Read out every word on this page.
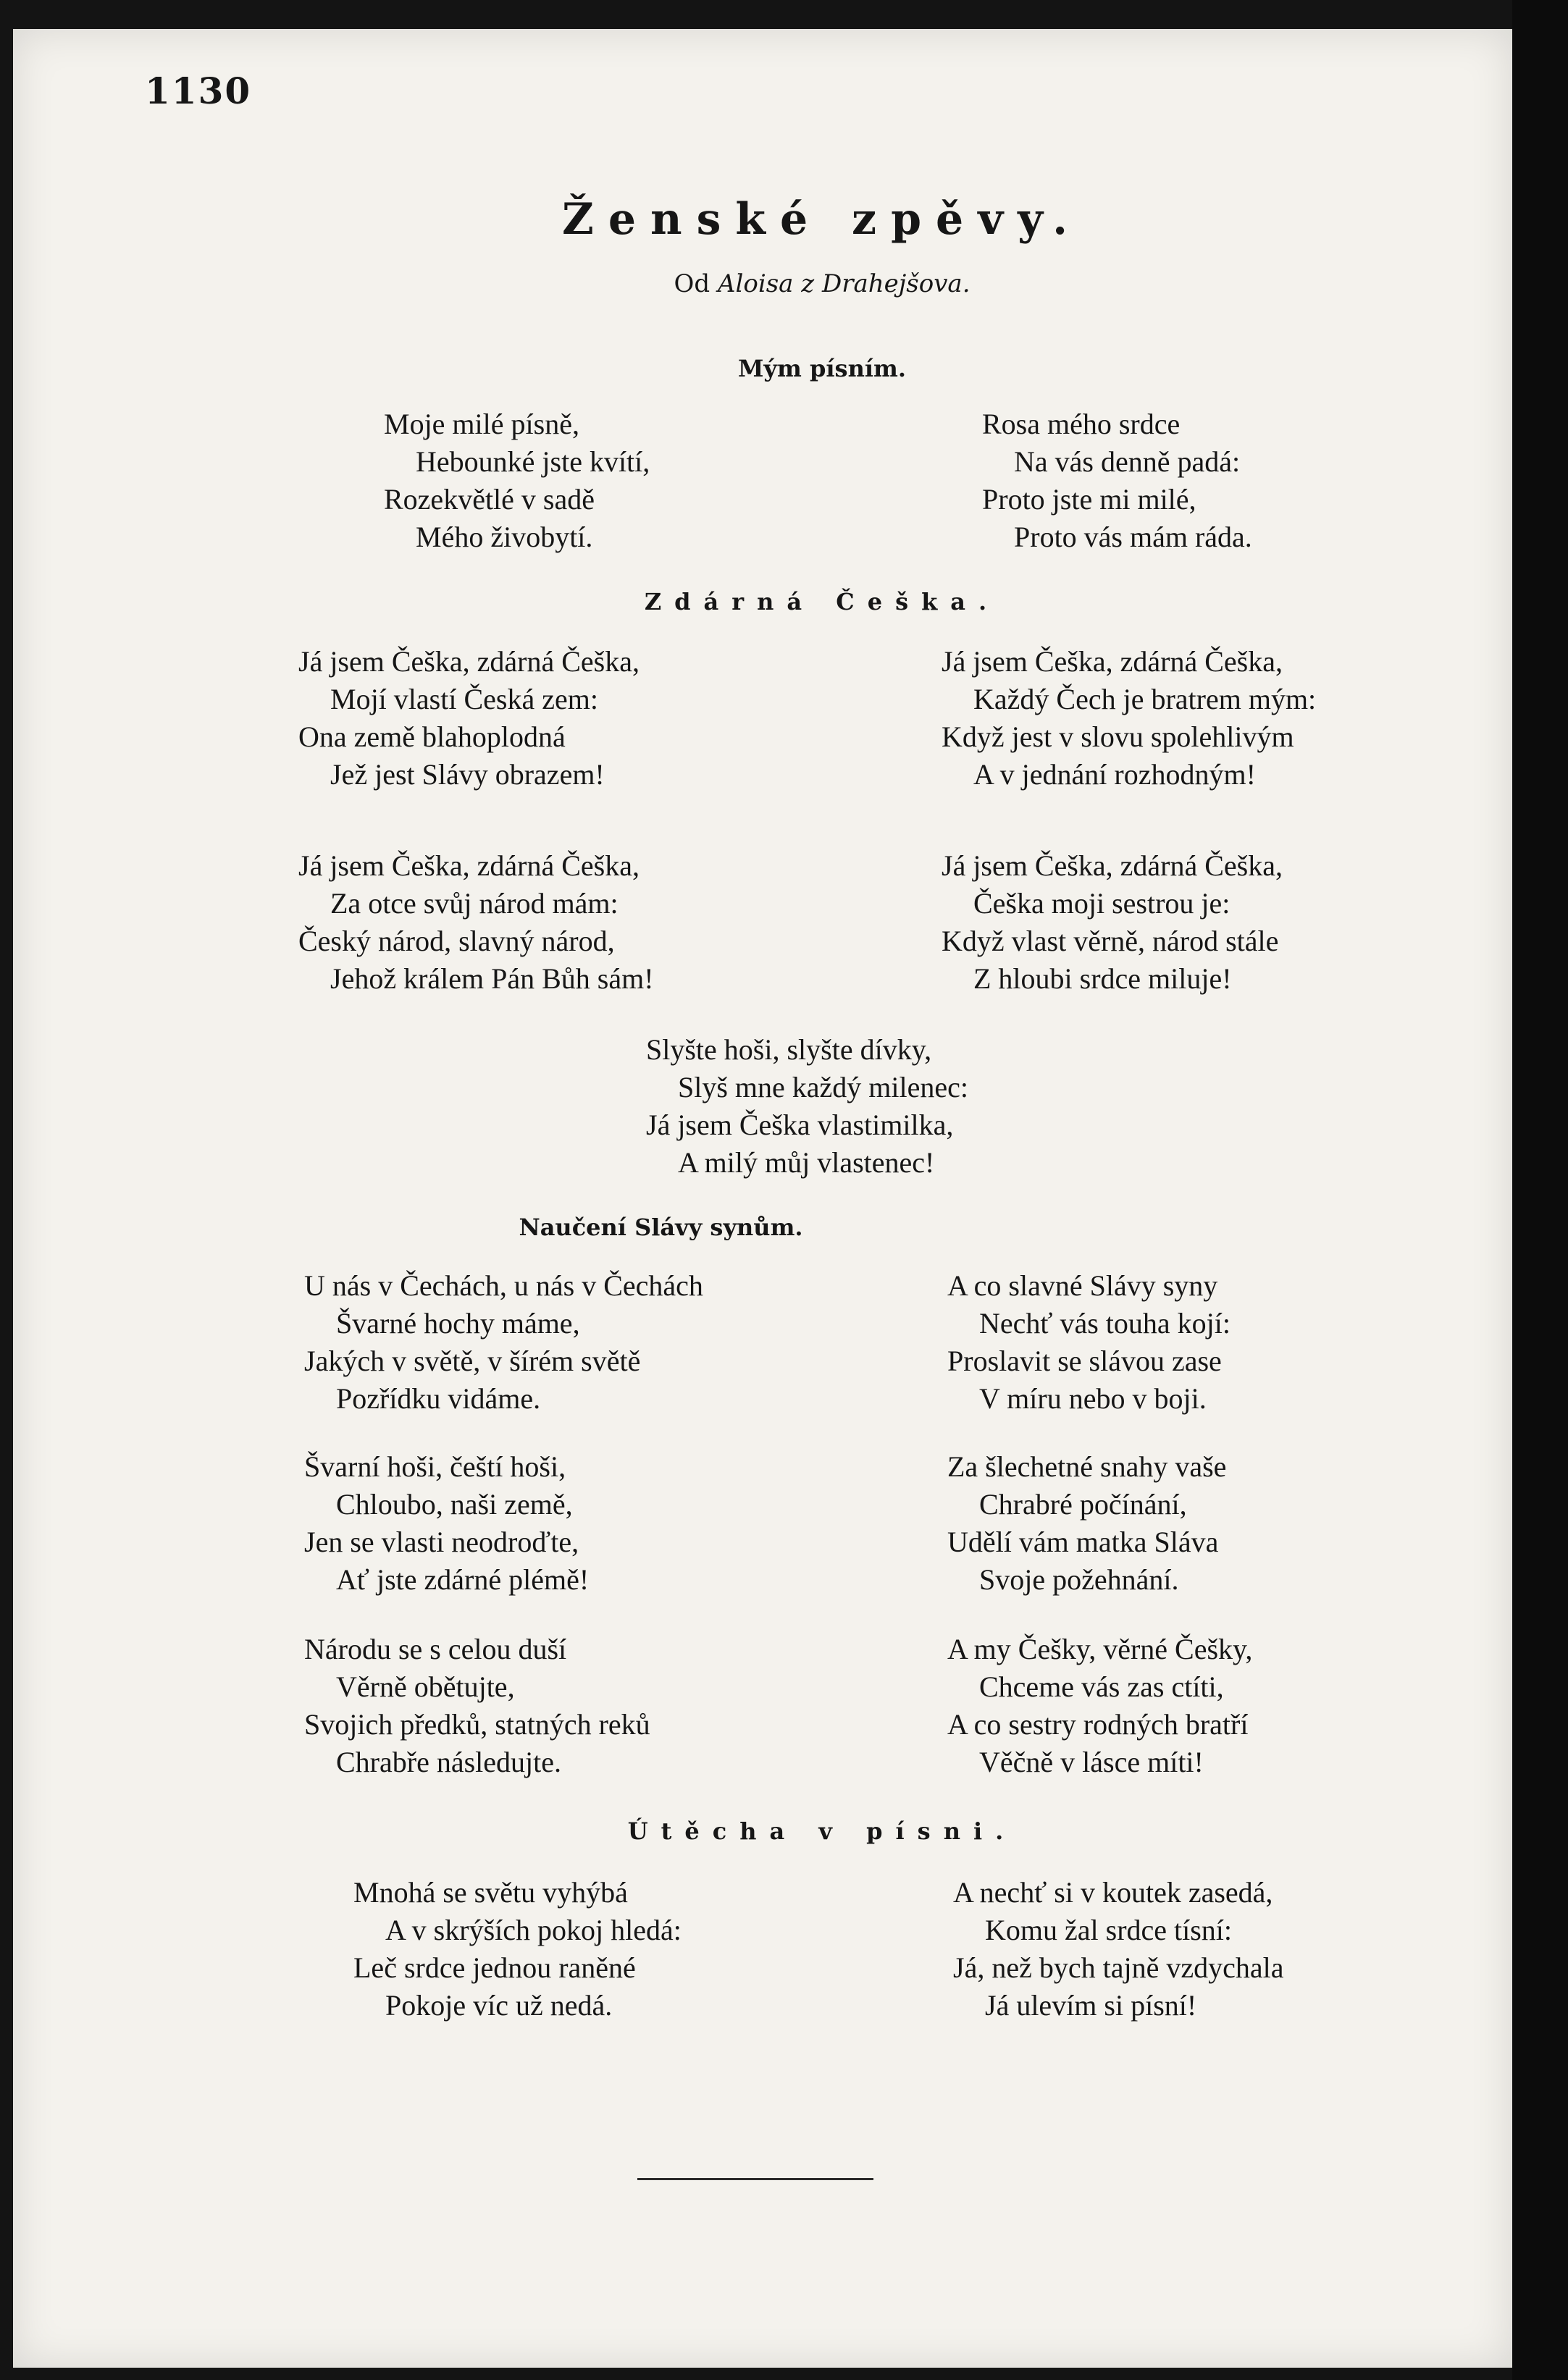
1130
Ženské zpěvy.
Od Aloisa z Drahejšova.
Mým písním.
Moje milé písně,
Hebounké jste kvítí,
Rozekvětlé v sadě
Mého živobytí.
Rosa mého srdce
Na vás denně padá:
Proto jste mi milé,
Proto vás mám ráda.
Zdárná Češka.
Já jsem Češka, zdárná Češka,
Mojí vlastí Česká zem:
Ona země blahoplodná
Jež jest Slávy obrazem!
Já jsem Češka, zdárná Češka,
Každý Čech je bratrem mým:
Když jest v slovu spolehlivým
A v jednání rozhodným!
Já jsem Češka, zdárná Češka,
Za otce svůj národ mám:
Český národ, slavný národ,
Jehož králem Pán Bůh sám!
Já jsem Češka, zdárná Češka,
Češka moji sestrou je:
Když vlast věrně, národ stále
Z hloubi srdce miluje!
Slyšte hoši, slyšte dívky,
Slyš mne každý milenec:
Já jsem Češka vlastimilka,
A milý můj vlastenec!
Naučení Slávy synům.
U nás v Čechách, u nás v Čechách
Švarné hochy máme,
Jakých v světě, v šírém světě
Pozřídku vidáme.
A co slavné Slávy syny
Nechť vás touha kojí:
Proslavit se slávou zase
V míru nebo v boji.
Švarní hoši, čeští hoši,
Chloubo, naši země,
Jen se vlasti neodroďte,
Ať jste zdárné plémě!
Za šlechetné snahy vaše
Chrabré počínání,
Udělí vám matka Sláva
Svoje požehnání.
Národu se s celou duší
Věrně obětujte,
Svojich předků, statných reků
Chrabře následujte.
A my Češky, věrné Češky,
Chceme vás zas ctíti,
A co sestry rodných bratří
Věčně v lásce míti!
Útěcha v písni.
Mnohá se světu vyhýbá
A v skrýších pokoj hledá:
Leč srdce jednou raněné
Pokoje víc už nedá.
A nechť si v koutek zasedá,
Komu žal srdce tísní:
Já, než bych tajně vzdychala
Já ulevím si písní!
